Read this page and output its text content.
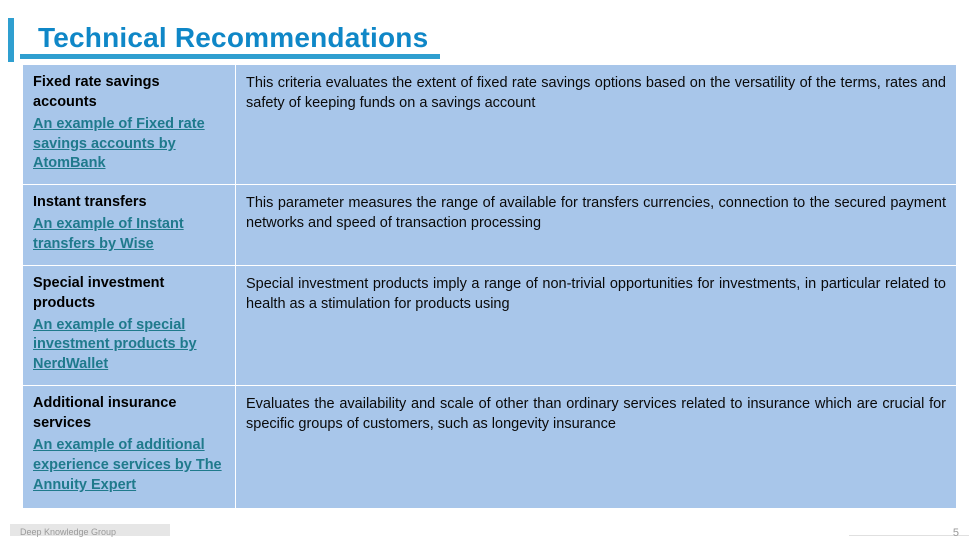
Technical Recommendations
Fixed rate savings accounts
An example of Fixed rate savings accounts by AtomBank	This criteria evaluates the extent of fixed rate savings options based on the versatility of the terms, rates and safety of keeping funds on a savings account

Instant transfers
An example of Instant transfers by Wise	This parameter measures the range of available for transfers currencies, connection to the secured payment networks and speed of transaction processing

Special investment products
An example of special investment products by NerdWallet	Special investment products imply a range of non-trivial opportunities for investments, in particular related to health as a stimulation for products using

Additional insurance services
An example of additional experience services by The Annuity Expert	Evaluates the availability and scale of other than ordinary services related to insurance which are crucial for specific groups of customers, such as longevity insurance
Deep Knowledge Group	5
